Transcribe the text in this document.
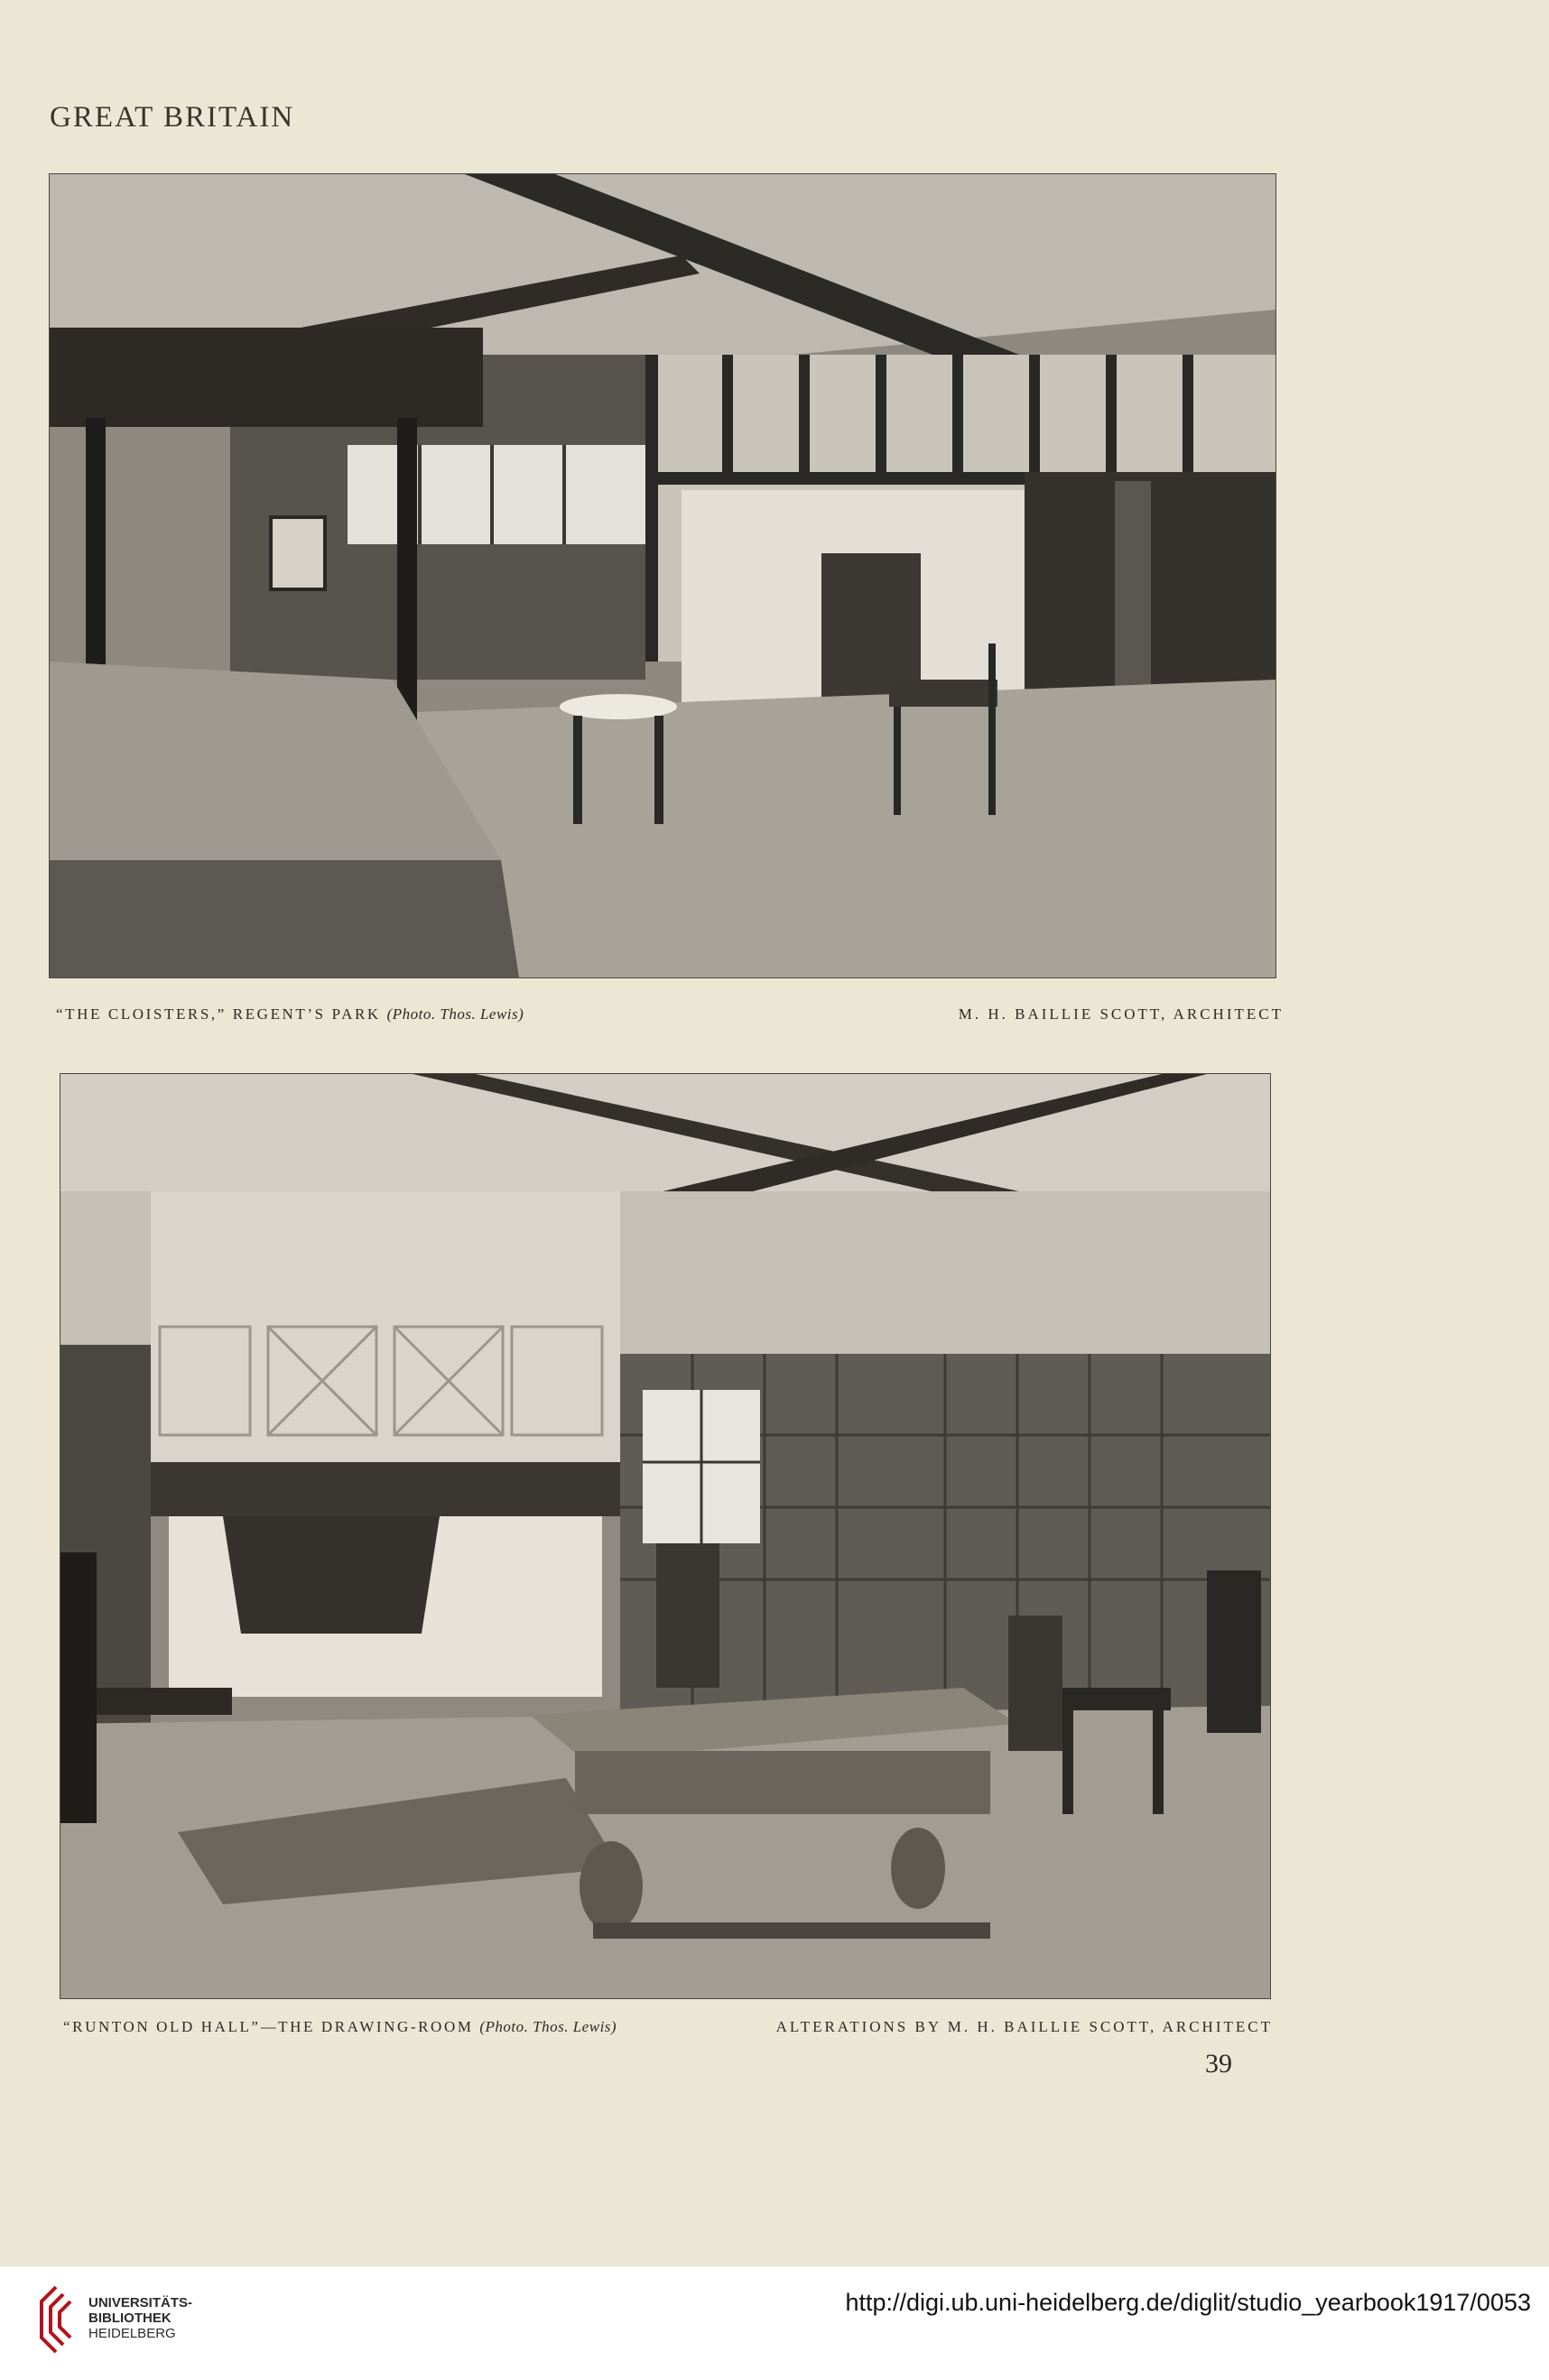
GREAT BRITAIN
“THE CLOISTERS,” REGENT’S PARK (Photo. Thos. Lewis)	M. H. BAILLIE SCOTT, ARCHITECT
“RUNTON OLD HALL”—THE DRAWING-ROOM (Photo. Thos. Lewis)	ALTERATIONS BY M. H. BAILLIE SCOTT, ARCHITECT
39
UNIVERSITÄTS-
BIBLIOTHEK
HEIDELBERG
http://digi.ub.uni-heidelberg.de/diglit/studio_yearbook1917/0053
